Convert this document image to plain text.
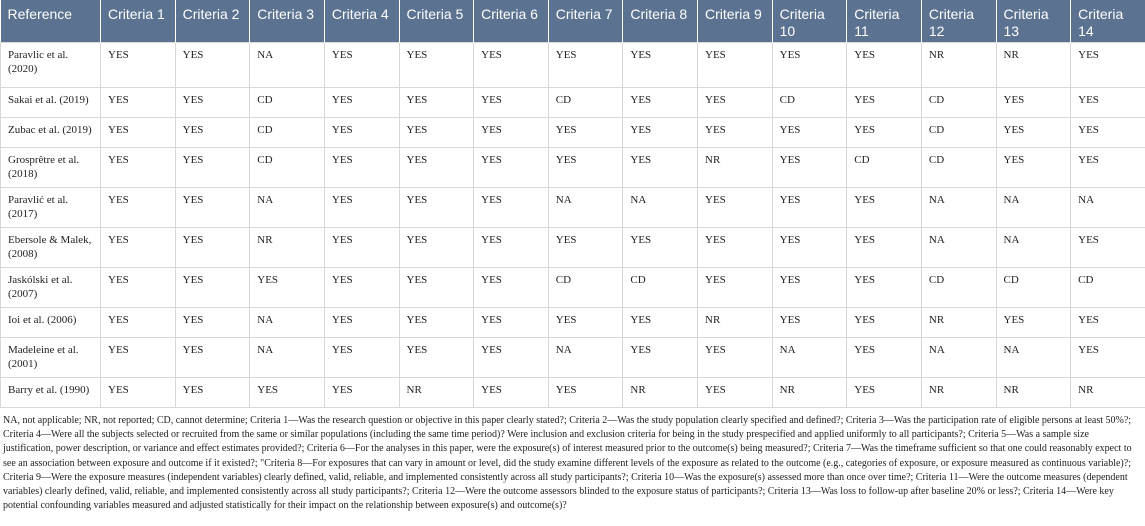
Reference	Criteria 1	Criteria 2	Criteria 3	Criteria 4	Criteria 5	Criteria 6	Criteria 7	Criteria 8	Criteria 9	Criteria 10	Criteria 11	Criteria 12	Criteria 13	Criteria 14
Paravlic et al. (2020)	YES	YES	NA	YES	YES	YES	YES	YES	YES	YES	YES	NR	NR	YES
Sakai et al. (2019)	YES	YES	CD	YES	YES	YES	CD	YES	YES	CD	YES	CD	YES	YES
Zubac et al. (2019)	YES	YES	CD	YES	YES	YES	YES	YES	YES	YES	YES	CD	YES	YES
Grosprêtre et al. (2018)	YES	YES	CD	YES	YES	YES	YES	YES	NR	YES	CD	CD	YES	YES
Paravlić et al. (2017)	YES	YES	NA	YES	YES	YES	NA	NA	YES	YES	YES	NA	NA	NA
Ebersole & Malek, (2008)	YES	YES	NR	YES	YES	YES	YES	YES	YES	YES	YES	NA	NA	YES
Jaskólski et al. (2007)	YES	YES	YES	YES	YES	YES	CD	CD	YES	YES	YES	CD	CD	CD
Ioi et al. (2006)	YES	YES	NA	YES	YES	YES	YES	YES	NR	YES	YES	NR	YES	YES
Madeleine et al. (2001)	YES	YES	NA	YES	YES	YES	NA	YES	YES	NA	YES	NA	NA	YES
Barry et al. (1990)	YES	YES	YES	YES	NR	YES	YES	NR	YES	NR	YES	NR	NR	NR

NA, not applicable; NR, not reported; CD, cannot determine; Criteria 1—Was the research question or objective in this paper clearly stated?; Criteria 2—Was the study population clearly specified and defined?; Criteria 3—Was the participation rate of eligible persons at least 50%?; Criteria 4—Were all the subjects selected or recruited from the same or similar populations (including the same time period)? Were inclusion and exclusion criteria for being in the study prespecified and applied uniformly to all participants?; Criteria 5—Was a sample size justification, power description, or variance and effect estimates provided?; Criteria 6—For the analyses in this paper, were the exposure(s) of interest measured prior to the outcome(s) being measured?; Criteria 7—Was the timeframe sufficient so that one could reasonably expect to see an association between exposure and outcome if it existed?; "Criteria 8—For exposures that can vary in amount or level, did the study examine different levels of the exposure as related to the outcome (e.g., categories of exposure, or exposure measured as continuous variable)?; Criteria 9—Were the exposure measures (independent variables) clearly defined, valid, reliable, and implemented consistently across all study participants?; Criteria 10—Was the exposure(s) assessed more than once over time?; Criteria 11—Were the outcome measures (dependent variables) clearly defined, valid, reliable, and implemented consistently across all study participants?; Criteria 12—Were the outcome assessors blinded to the exposure status of participants?; Criteria 13—Was loss to follow-up after baseline 20% or less?; Criteria 14—Were key potential confounding variables measured and adjusted statistically for their impact on the relationship between exposure(s) and outcome(s)?
